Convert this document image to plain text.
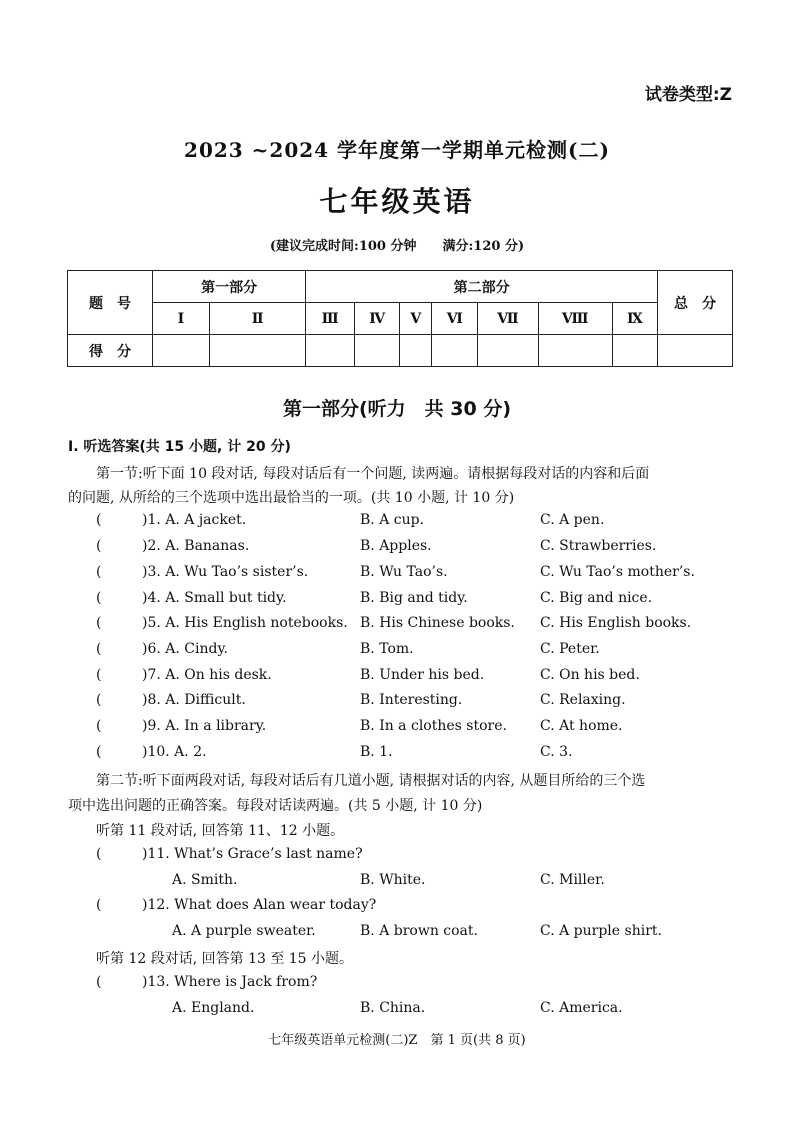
试卷类型:Z
2023 ~2024 学年度第一学期单元检测(二)
七年级英语
(建议完成时间:100 分钟　　满分:120 分)
题　号	第一部分		第二部分							总　分
	Ⅰ	Ⅱ	Ⅲ	Ⅳ	Ⅴ	Ⅵ	Ⅶ	Ⅷ	Ⅸ	
得　分										
第一部分(听力　共 30 分)
Ⅰ. 听选答案(共 15 小题, 计 20 分)
第一节:听下面 10 段对话, 每段对话后有一个问题, 读两遍。请根据每段对话的内容和后面
的问题, 从所给的三个选项中选出最恰当的一项。(共 10 小题, 计 10 分)
(	)1. A. A jacket.	B. A cup.	C. A pen.
(	)2. A. Bananas.	B. Apples.	C. Strawberries.
(	)3. A. Wu Tao’s sister’s.	B. Wu Tao’s.	C. Wu Tao’s mother’s.
(	)4. A. Small but tidy.	B. Big and tidy.	C. Big and nice.
(	)5. A. His English notebooks. B. His Chinese books. C. His English books.
(	)6. A. Cindy.	B. Tom.	C. Peter.
(	)7. A. On his desk.	B. Under his bed.	C. On his bed.
(	)8. A. Difficult.	B. Interesting.	C. Relaxing.
(	)9. A. In a library.	B. In a clothes store. C. At home.
(	)10. A. 2.	B. 1.	C. 3.
第二节:听下面两段对话, 每段对话后有几道小题, 请根据对话的内容, 从题目所给的三个选
项中选出问题的正确答案。每段对话读两遍。(共 5 小题, 计 10 分)
听第 11 段对话, 回答第 11、12 小题。
(	)11. What’s Grace’s last name?
A. Smith.	B. White.	C. Miller.
(	)12. What does Alan wear today?
A. A purple sweater.	B. A brown coat.	C. A purple shirt.
听第 12 段对话, 回答第 13 至 15 小题。
(	)13. Where is Jack from?
A. England.	B. China.	C. America.
七年级英语单元检测(二)Z　第 1 页(共 8 页)
